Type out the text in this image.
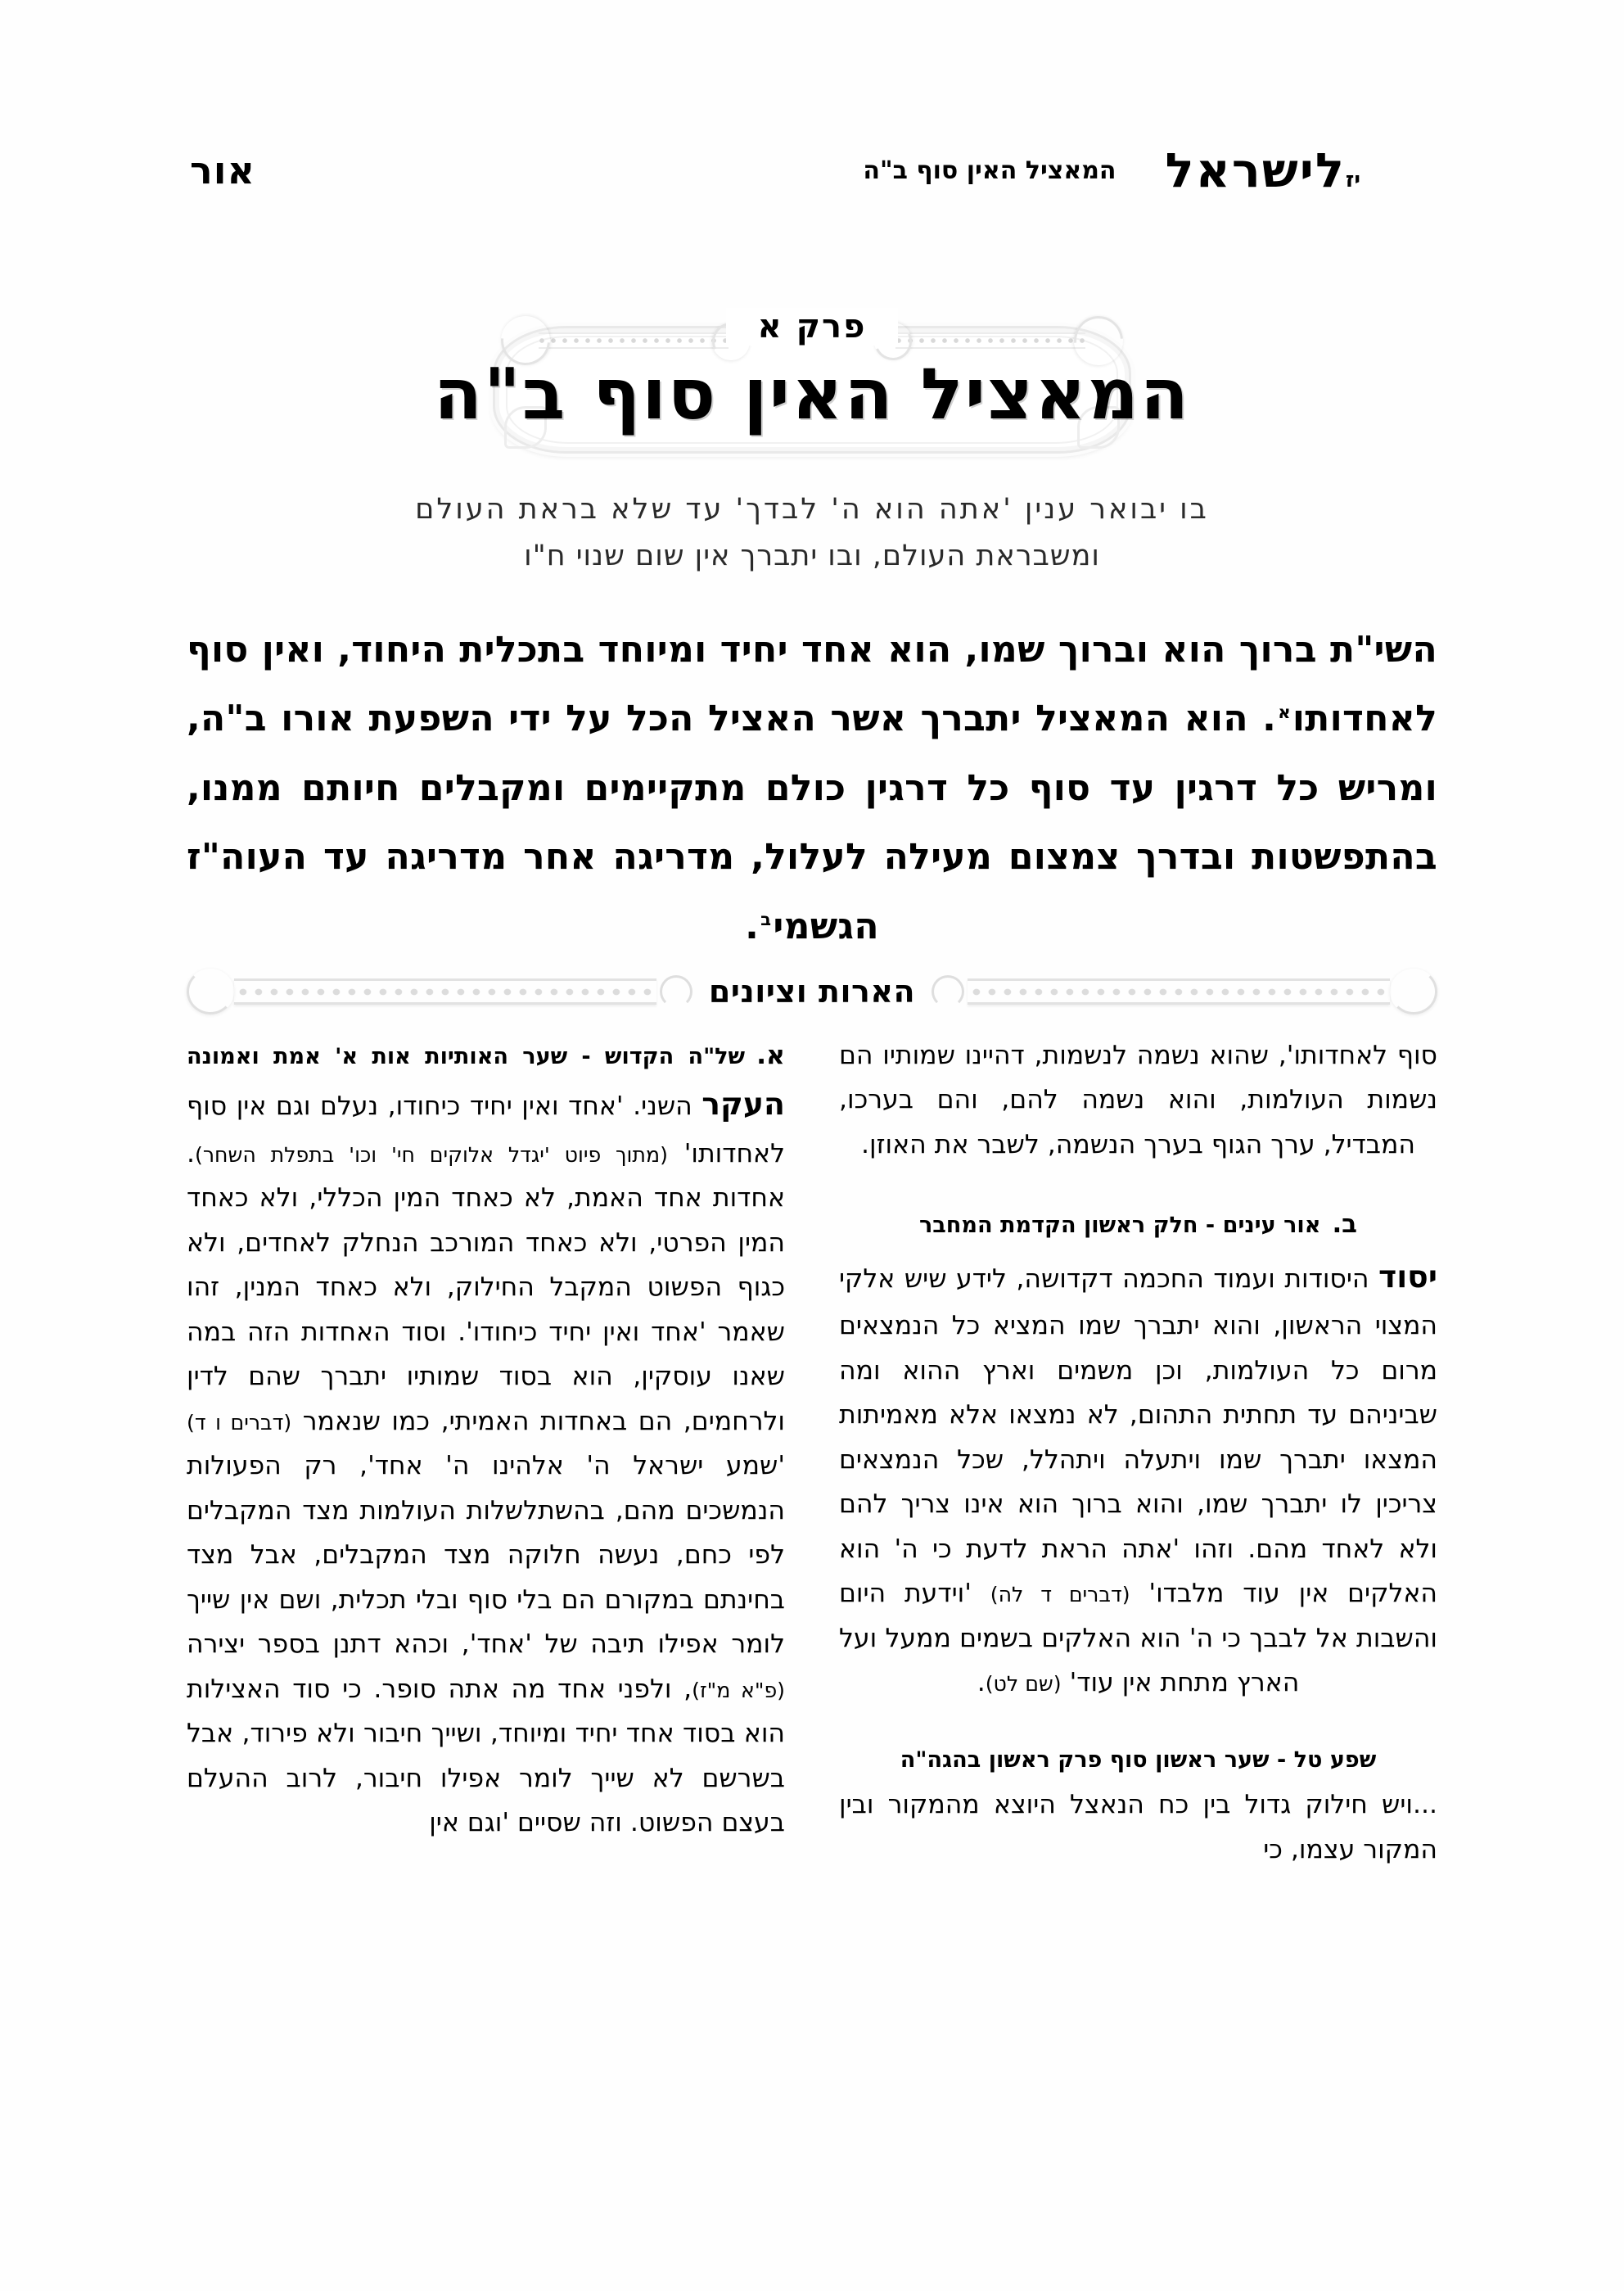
אור	המאציל האין סוף ב"ה לישראל יז
פרק א
המאציל האין סוף ב"ה
בו יבואר ענין 'אתה הוא ה' לבדך' עד שלא בראת העולם
ומשבראת העולם, ובו יתברך אין שום שנוי ח"ו
השי"ת ברוך הוא וברוך שמו, הוא אחד יחיד ומיוחד בתכלית היחוד, ואין סוף לאחדותו$^א$. הוא המאציל יתברך אשר האציל הכל על ידי השפעת אורו ב"ה, ומריש כל דרגין עד סוף כל דרגין כולם מתקיימים ומקבלים חיותם ממנו, בהתפשטות ובדרך צמצום מעילה לעלול, מדריגה אחר מדריגה עד העוה"ז הגשמי$^ב$.
הארות וציונים

א.של"ה הקדוש - שער האותיות אות א' אמת ואמונה העקר השני. 'אחד ואין יחיד כיחודו, נעלם וגם אין סוף לאחדותו' (מתוך פיוט 'יגדל אלוקים חי' וכו' בתפלת השחר). אחדות אחד האמת, לא כאחד המין הכללי, ולא כאחד המין הפרטי, ולא כאחד המורכב הנחלק לאחדים, ולא כגוף הפשוט המקבל החילוק, ולא כאחד המנין, זהו שאמר 'אחד ואין יחיד כיחודו'. וסוד האחדות הזה במה שאנו עוסקין, הוא בסוד שמותיו יתברך שהם לדין ולרחמים, הם באחדות האמיתי, כמו שנאמר (דברים ו ד) 'שמע ישראל ה' אלהינו ה' אחד', רק הפעולות הנמשכים מהם, בהשתלשלות העולמות מצד המקבלים לפי כחם, נעשה חלוקה מצד המקבלים, אבל מצד בחינתם במקורם הם בלי סוף ובלי תכלית, ושם אין שייך לומר אפילו תיבה של 'אחד', וכהא דתנן בספר יצירה (פ"א מ"ז), ולפני אחד מה אתה סופר. כי סוד האצילות הוא בסוד אחד יחיד ומיוחד, ושייך חיבור ולא פירוד, אבל בשרשם לא שייך לומר אפילו חיבור, לרוב ההעלם בעצם הפשוט. וזה שסיים 'וגם אין

סוף לאחדותו', שהוא נשמה לנשמות, דהיינו שמותיו הם נשמות העולמות, והוא נשמה להם, והם בערכו, המבדיל, ערך הגוף בערך הנשמה, לשבר את האוזן.

ב.אור עינים - חלק ראשון הקדמת המחבר

יסוד היסודות ועמוד החכמה דקדושה, לידע שיש אלקי המצוי הראשון, והוא יתברך שמו המציא כל הנמצאים מרום כל העולמות, וכן משמים וארץ ההוא ומה שביניהם עד תחתית התהום, לא נמצאו אלא מאמיתות המצאו יתברך שמו ויתעלה ויתהלל, שכל הנמצאים צריכין לו יתברך שמו, והוא ברוך הוא אינו צריך להם ולא לאחד מהם. וזהו 'אתה הראת לדעת כי ה' הוא האלקים אין עוד מלבדו' (דברים ד לה) 'וידעת היום והשבות אל לבבך כי ה' הוא האלקים בשמים ממעל ועל הארץ מתחת אין עוד' (שם לט).

שפע טל - שער ראשון סוף פרק ראשון בהגה"ה

...ויש חילוק גדול בין כח הנאצל היוצא מהמקור ובין המקור עצמו, כי
